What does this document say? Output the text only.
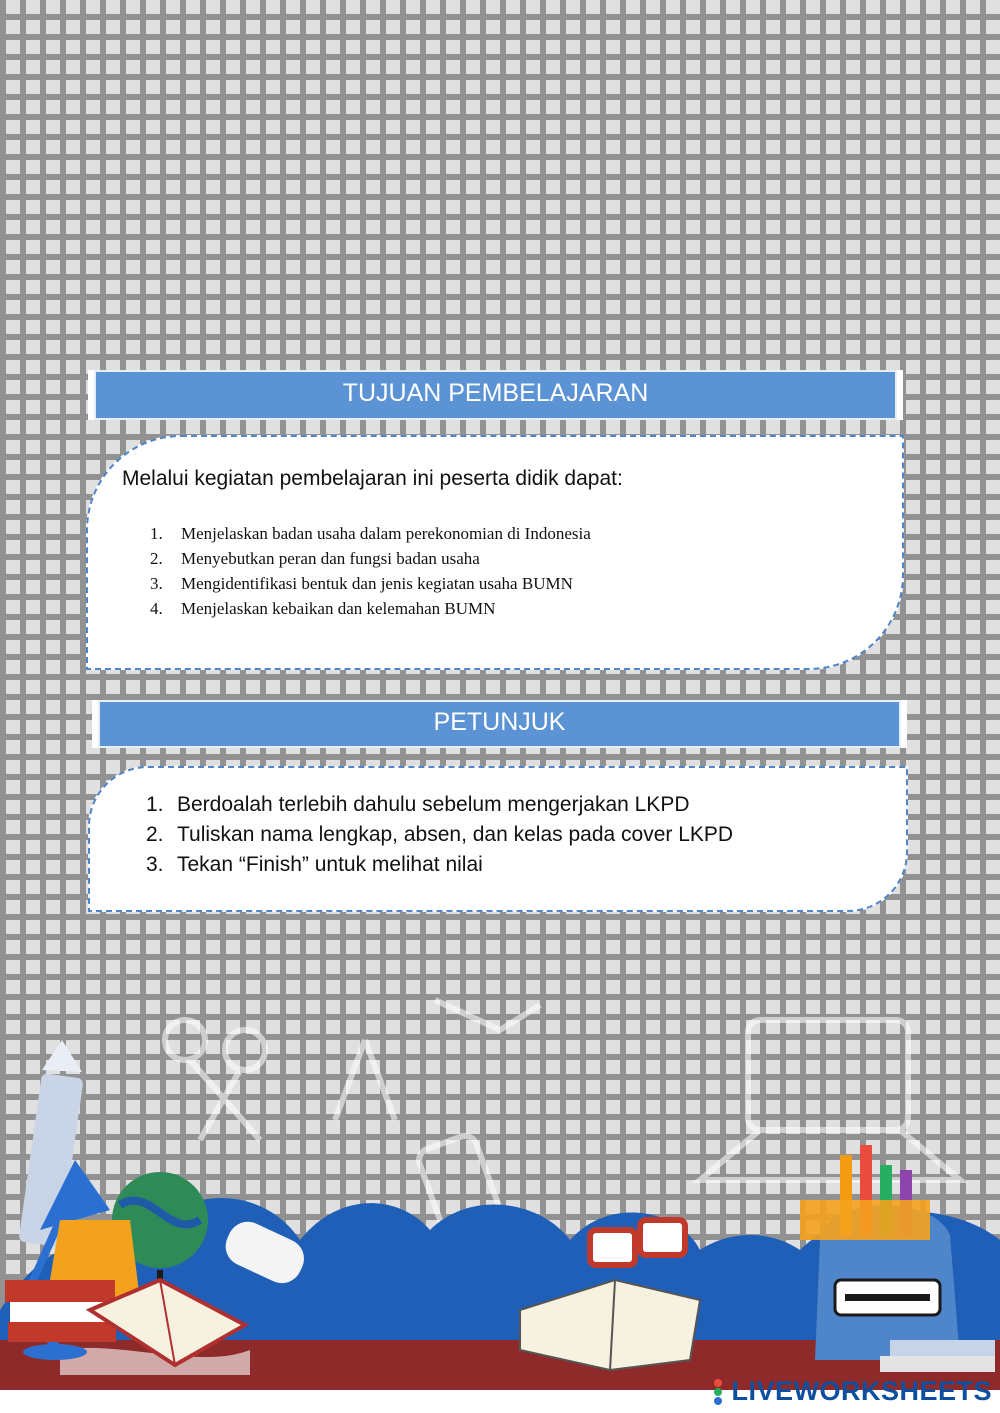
TUJUAN PEMBELAJARAN
Melalui kegiatan pembelajaran ini peserta didik dapat:
1. Menjelaskan badan usaha dalam perekonomian di Indonesia
2. Menyebutkan peran dan fungsi badan usaha
3. Mengidentifikasi bentuk dan jenis kegiatan usaha BUMN
4. Menjelaskan kebaikan dan kelemahan BUMN
PETUNJUK
1. Berdoalah terlebih dahulu sebelum mengerjakan LKPD
2. Tuliskan nama lengkap, absen, dan kelas pada cover LKPD
3. Tekan “Finish” untuk melihat nilai
LIVEWORKSHEETS
